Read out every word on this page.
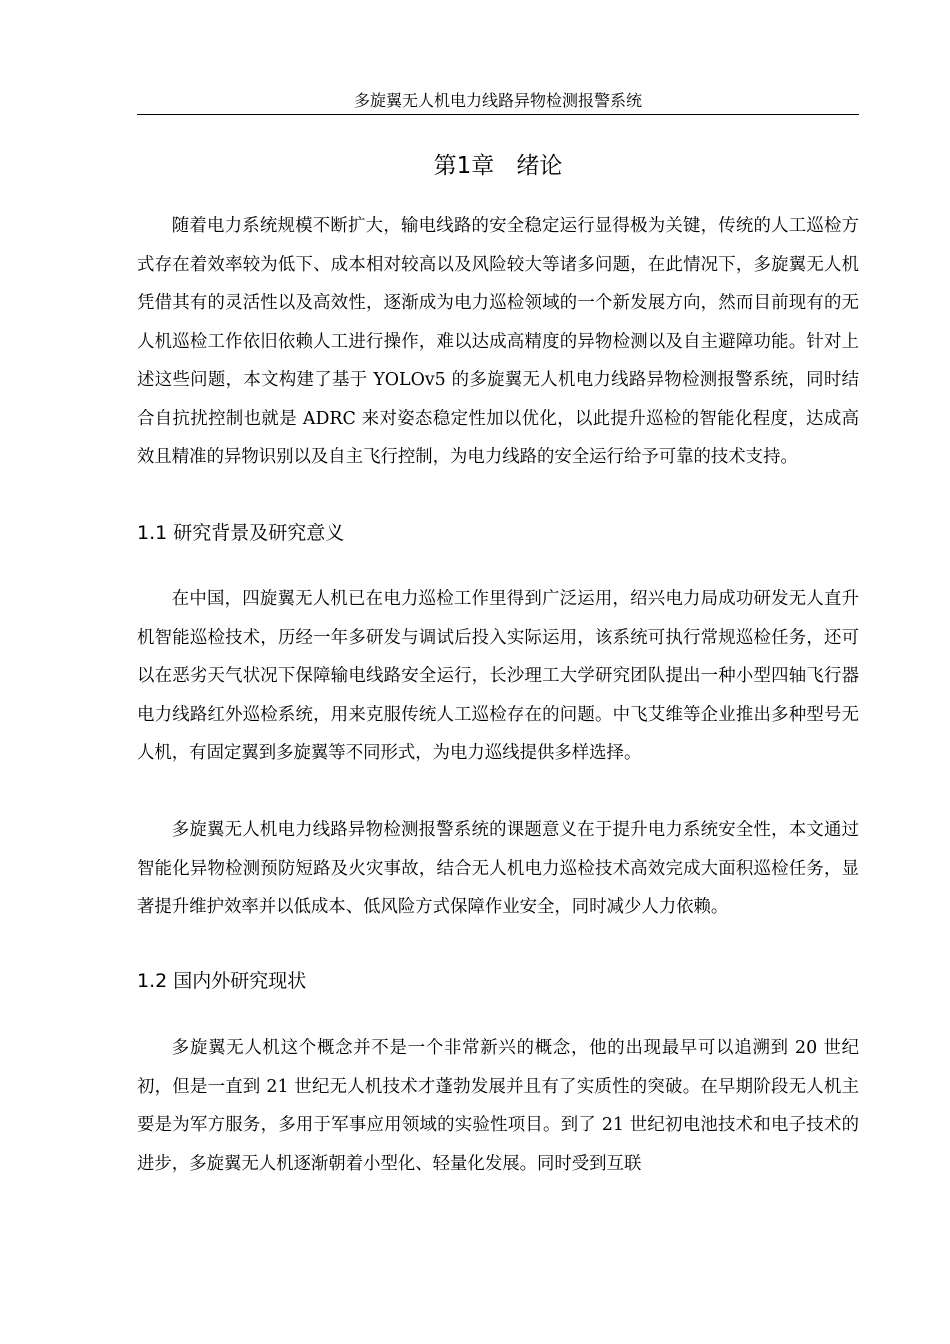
多旋翼无人机电力线路异物检测报警系统
第1章 绪论

随着电力系统规模不断扩大，输电线路的安全稳定运行显得极为关键，传统的人工巡检方式存在着效率较为低下、成本相对较高以及风险较大等诸多问题，在此情况下，多旋翼无人机凭借其有的灵活性以及高效性，逐渐成为电力巡检领域的一个新发展方向，然而目前现有的无人机巡检工作依旧依赖人工进行操作，难以达成高精度的异物检测以及自主避障功能。针对上述这些问题，本文构建了基于 YOLOv5 的多旋翼无人机电力线路异物检测报警系统，同时结合自抗扰控制也就是 ADRC 来对姿态稳定性加以优化，以此提升巡检的智能化程度，达成高效且精准的异物识别以及自主飞行控制，为电力线路的安全运行给予可靠的技术支持。

1.1 研究背景及研究意义

在中国，四旋翼无人机已在电力巡检工作里得到广泛运用，绍兴电力局成功研发无人直升机智能巡检技术，历经一年多研发与调试后投入实际运用，该系统可执行常规巡检任务，还可以在恶劣天气状况下保障输电线路安全运行，长沙理工大学研究团队提出一种小型四轴飞行器电力线路红外巡检系统，用来克服传统人工巡检存在的问题。中飞艾维等企业推出多种型号无人机，有固定翼到多旋翼等不同形式，为电力巡线提供多样选择。

多旋翼无人机电力线路异物检测报警系统的课题意义在于提升电力系统安全性，本文通过智能化异物检测预防短路及火灾事故，结合无人机电力巡检技术高效完成大面积巡检任务，显著提升维护效率并以低成本、低风险方式保障作业安全，同时减少人力依赖。

1.2 国内外研究现状

多旋翼无人机这个概念并不是一个非常新兴的概念，他的出现最早可以追溯到 20 世纪初，但是一直到 21 世纪无人机技术才蓬勃发展并且有了实质性的突破。在早期阶段无人机主要是为军方服务，多用于军事应用领域的实验性项目。到了 21 世纪初电池技术和电子技术的进步，多旋翼无人机逐渐朝着小型化、轻量化发展。同时受到互联
